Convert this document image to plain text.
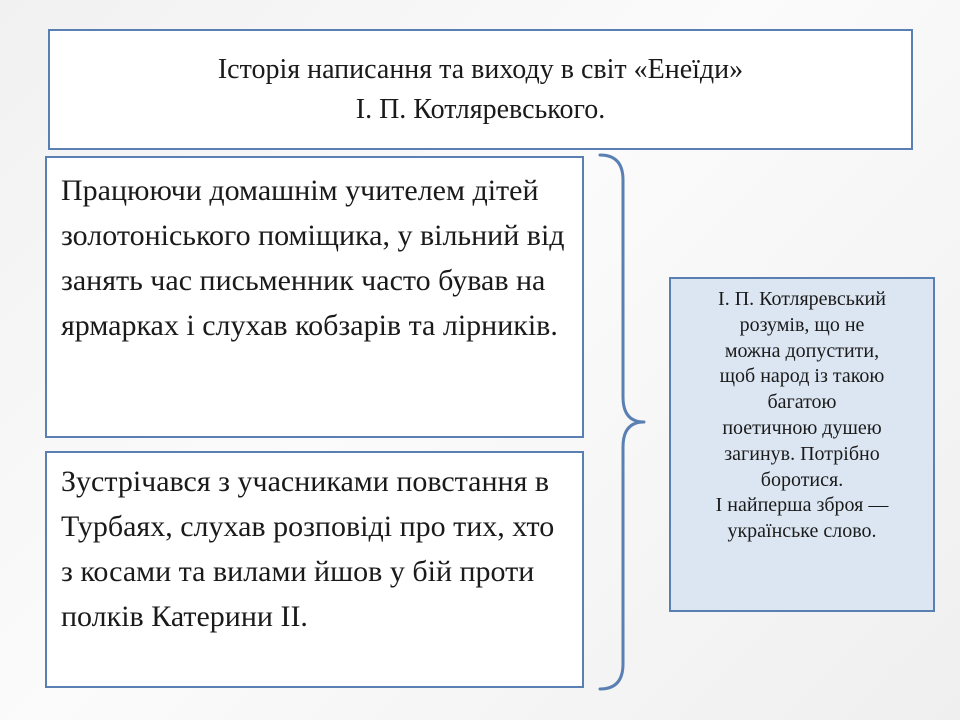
Історія написання та виходу в світ «Енеїди»
І. П. Котляревського.
Працюючи домашнім учителем дітей золотоніського поміщика, у вільний від занять час письменник часто бував на ярмарках і слухав кобзарів та лірників.
Зустрічався з учасниками повстання в Турбаях, слухав розповіді про тих, хто з косами та вилами йшов у бій проти полків Катерини ІІ.
І. П. Котляревський
розумів, що не
можна допустити,
щоб народ із такою
багатою
поетичною душею
загинув. Потрібно
боротися.
І найперша зброя —
українське слово.
